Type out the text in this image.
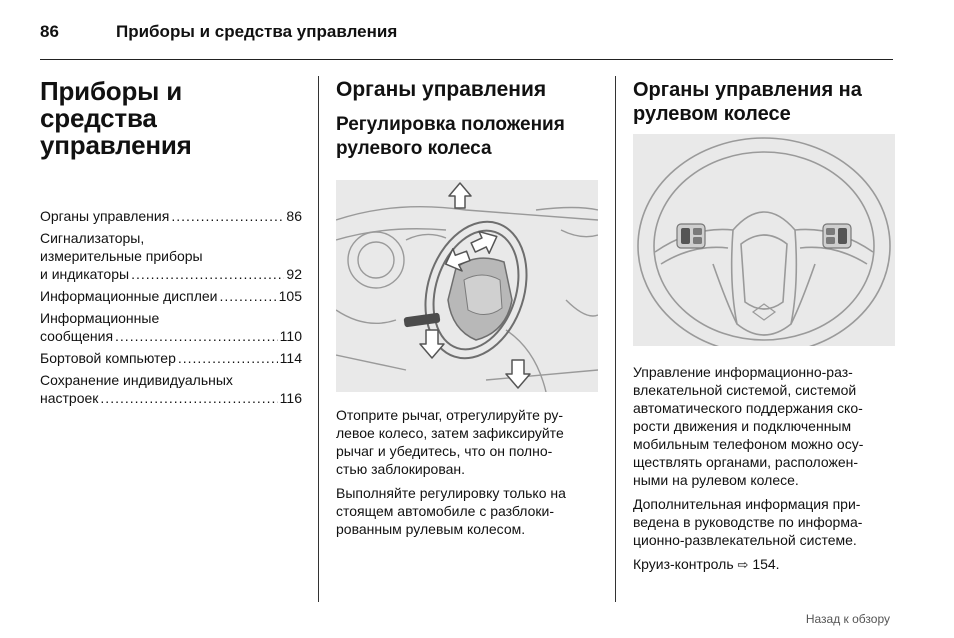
86	Приборы и средства управления
Приборы и средства
управления
Органы управления .....	86
Сигнализаторы,
измерительные приборы
и индикаторы .....	92
Информационные дисплеи .....	105
Информационные
сообщения .....	110
Бортовой компьютер .....	114
Сохранение индивидуальных
настроек .....	116
Органы управления
Регулировка положения
рулевого колеса

Отоприте рычаг, отрегулируйте ру-
левое колесо, затем зафиксируйте
рычаг и убедитесь, что он полно-
стью заблокирован.

Выполняйте регулировку только на
стоящем автомобиле с разблоки-
рованным рулевым колесом.

Органы управления на
рулевом колесе

Управление информационно-раз-
влекательной системой, системой
автоматического поддержания ско-
рости движения и подключенным
мобильным телефоном можно осу-
ществлять органами, расположен-
ными на рулевом колесе.

Дополнительная информация при-
ведена в руководстве по информа-
ционно-развлекательной системе.

Круиз-контроль ⇨ 154.

Назад к обзору
